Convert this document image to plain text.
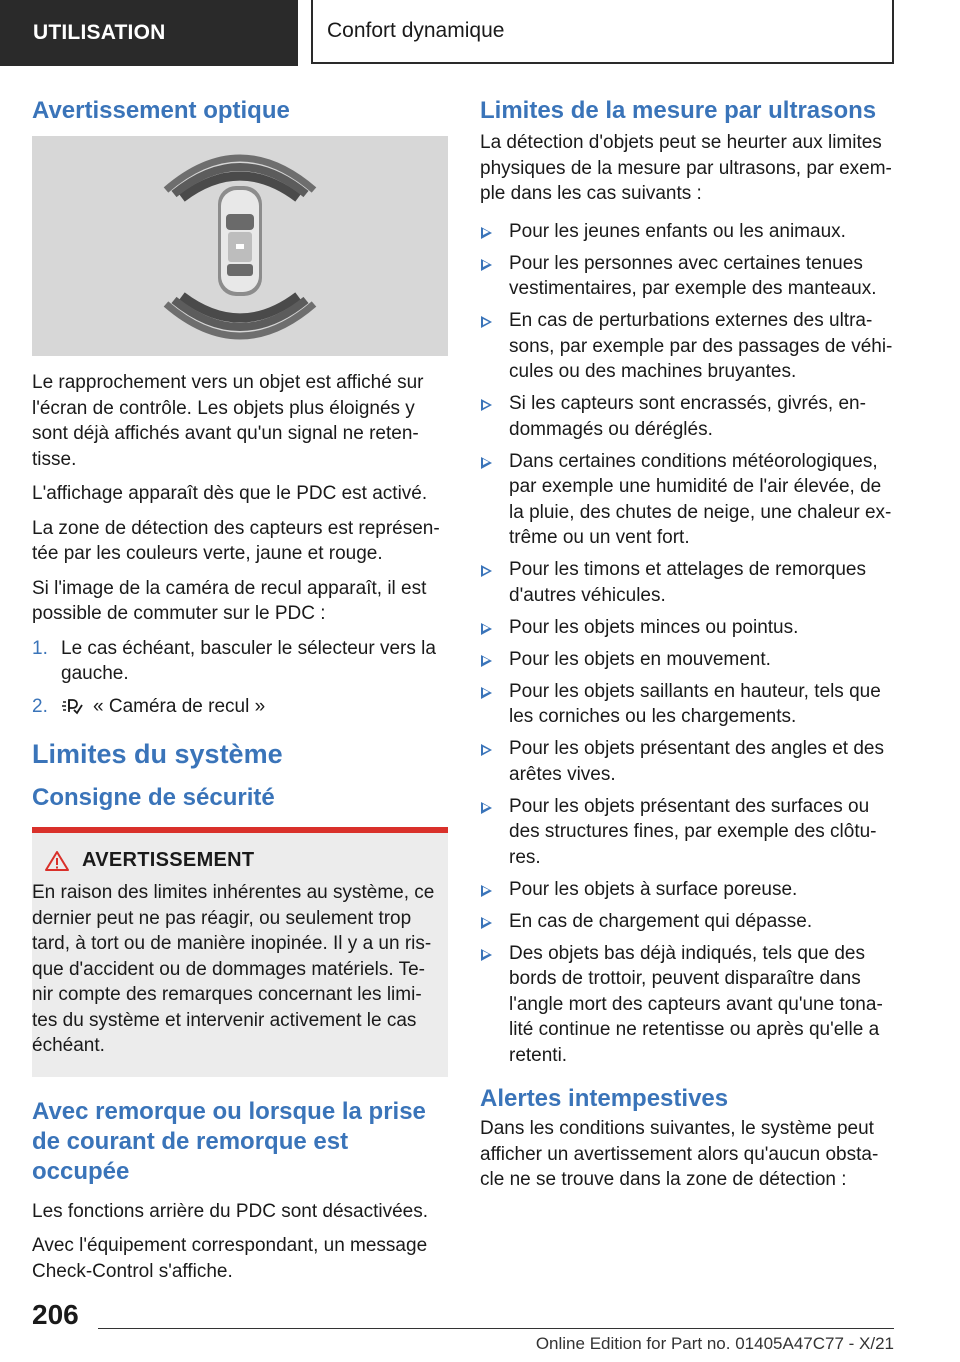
UTILISATION	Confort dynamique
Avertissement optique

Le rapprochement vers un objet est affiché sur l'écran de contrôle. Les objets plus éloignés y sont déjà affichés avant qu'un signal ne reten-tisse.

L'affichage apparaît dès que le PDC est activé.

La zone de détection des capteurs est représen-tée par les couleurs verte, jaune et rouge.

Si l'image de la caméra de recul apparaît, il est possible de commuter sur le PDC :

1. Le cas échéant, basculer le sélecteur vers la gauche.
2. « Caméra de recul »
Limites du système
Consigne de sécurité
AVERTISSEMENT

En raison des limites inhérentes au système, ce dernier peut ne pas réagir, ou seulement trop tard, à tort ou de manière inopinée. Il y a un ris-que d'accident ou de dommages matériels. Te-nir compte des remarques concernant les limi-tes du système et intervenir activement le cas échéant.

Avec remorque ou lorsque la prise de courant de remorque est occupée

Les fonctions arrière du PDC sont désactivées.

Avec l'équipement correspondant, un message Check-Control s'affiche.

Limites de la mesure par ultrasons

La détection d'objets peut se heurter aux limites physiques de la mesure par ultrasons, par exem-ple dans les cas suivants :

Pour les jeunes enfants ou les animaux.
Pour les personnes avec certaines tenues vestimentaires, par exemple des manteaux.
En cas de perturbations externes des ultra-sons, par exemple par des passages de véhi-cules ou des machines bruyantes.
Si les capteurs sont encrassés, givrés, en-dommagés ou déréglés.
Dans certaines conditions météorologiques, par exemple une humidité de l'air élevée, de la pluie, des chutes de neige, une chaleur ex-trême ou un vent fort.
Pour les timons et attelages de remorques d'autres véhicules.
Pour les objets minces ou pointus.
Pour les objets en mouvement.
Pour les objets saillants en hauteur, tels que les corniches ou les chargements.
Pour les objets présentant des angles et des arêtes vives.
Pour les objets présentant des surfaces ou des structures fines, par exemple des clôtu-res.
Pour les objets à surface poreuse.
En cas de chargement qui dépasse.
Des objets bas déjà indiqués, tels que des bords de trottoir, peuvent disparaître dans l'angle mort des capteurs avant qu'une tona-lité continue ne retentisse ou après qu'elle a retenti.
Alertes intempestives

Dans les conditions suivantes, le système peut afficher un avertissement alors qu'aucun obsta-cle ne se trouve dans la zone de détection :

206
Online Edition for Part no. 01405A47C77 - X/21
